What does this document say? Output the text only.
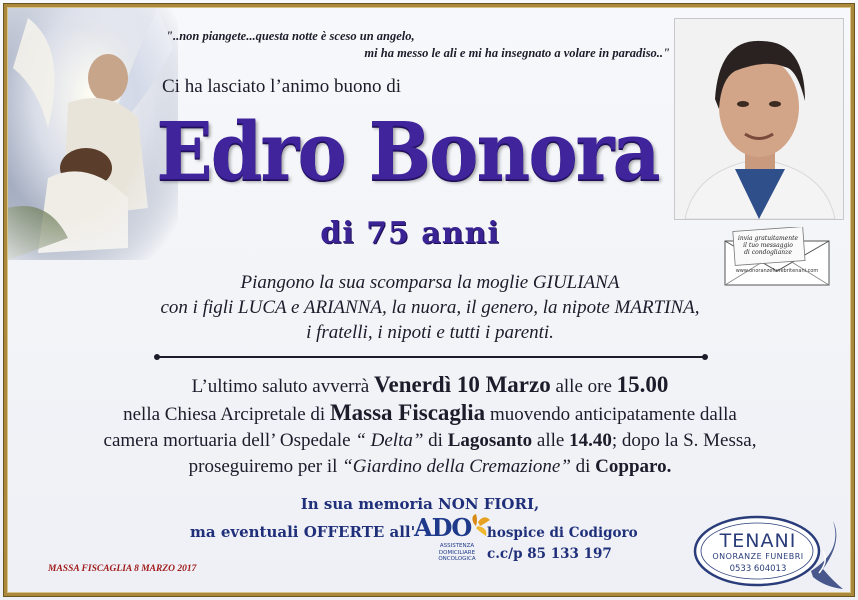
"..non piangete...questa notte è sceso un angelo,
mi ha messo le ali e mi ha insegnato a volare in paradiso.."
Ci ha lasciato l’animo buono di
Edro Bonora
di 75 anni	invia gratuitamente
il tuo messaggio
di condoglianze
www.onoranzefunebritenani.com
Piangono la sua scomparsa la moglie GIULIANA
con i figli LUCA e ARIANNA, la nuora, il genero, la nipote MARTINA,
i fratelli, i nipoti e tutti i parenti.
L’ultimo saluto avverrà Venerdì 10 Marzo alle ore 15.00
nella Chiesa Arcipretale di Massa Fiscaglia muovendo anticipatamente dalla
camera mortuaria dell’ Ospedale “ Delta” di Lagosanto alle 14.40; dopo la S. Messa,
proseguiremo per il “Giardino della Cremazione” di Copparo.
In sua memoria NON FIORI,
ma eventuali OFFERTE all'
ADO
ASSISTENZA
DOMICILIARE
ONCOLOGICA
hospice di Codigoro
c.c/p 85 133 197
MASSA FISCAGLIA 8 MARZO 2017
TENANI
ONORANZE FUNEBRI
0533 604013
